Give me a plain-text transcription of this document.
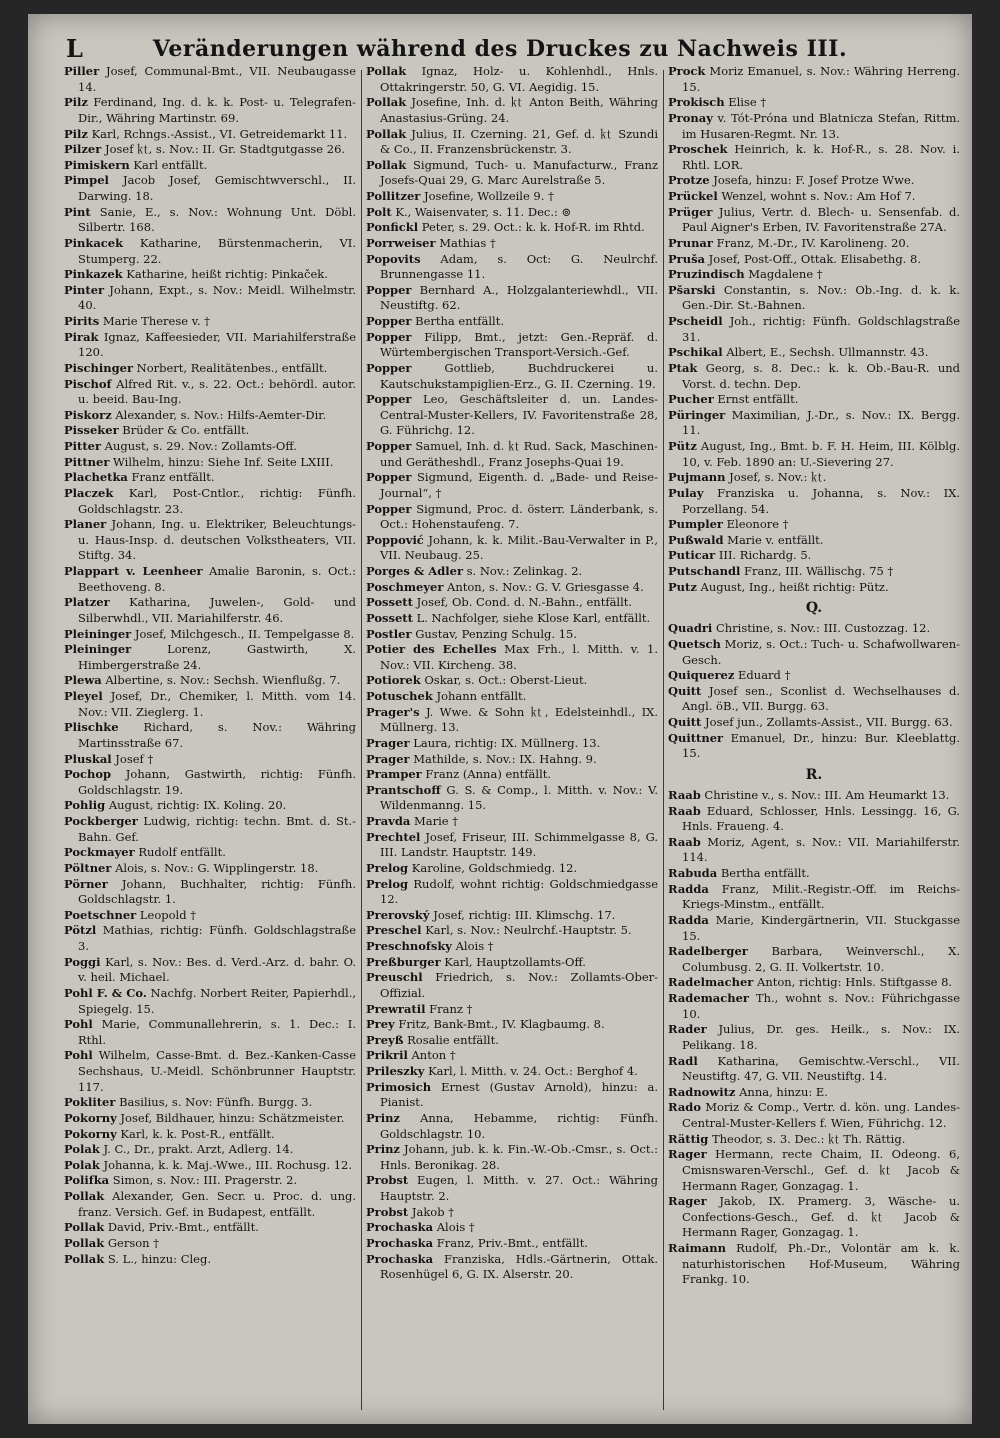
L	Veränderungen während des Druckes zu Nachweis III.

Piller Josef, Communal-Bmt., VII. Neubaugasse 14.

Pilz Ferdinand, Ing. d. k. k. Post- u. Telegrafen-Dir., Währing Martinstr. 69.

Pilz Karl, Rchngs.-Assist., VI. Getreidemarkt 11.

Pilzer Josef ㏏, s. Nov.: II. Gr. Stadtgutgasse 26.

Pimiskern Karl entfällt.

Pimpel Jacob Josef, Gemischtwverschl., II. Darwing. 18.

Pint Sanie, E., s. Nov.: Wohnung Unt. Döbl. Silbertr. 168.

Pinkacek Katharine, Bürstenmacherin, VI. Stumperg. 22.

Pinkazek Katharine, heißt richtig: Pinkaček.

Pinter Johann, Expt., s. Nov.: Meidl. Wilhelmstr. 40.

Pirits Marie Therese v. †

Pirak Ignaz, Kaffeesieder, VII. Mariahilferstraße 120.

Pischinger Norbert, Realitätenbes., entfällt.

Pischof Alfred Rit. v., s. 22. Oct.: behördl. autor. u. beeid. Bau-Ing.

Piskorz Alexander, s. Nov.: Hilfs-Aemter-Dir.

Pisseker Brüder & Co. entfällt.

Pitter August, s. 29. Nov.: Zollamts-Off.

Pittner Wilhelm, hinzu: Siehe Inf. Seite LXIII.

Plachetka Franz entfällt.

Placzek Karl, Post-Cntlor., richtig: Fünfh. Goldschlagstr. 23.

Planer Johann, Ing. u. Elektriker, Beleuchtungs- u. Haus-Insp. d. deutschen Volkstheaters, VII. Stiftg. 34.

Plappart v. Leenheer Amalie Baronin, s. Oct.: Beethoveng. 8.

Platzer Katharina, Juwelen-, Gold- und Silberwhdl., VII. Mariahilferstr. 46.

Pleininger Josef, Milchgesch., II. Tempelgasse 8.

Pleininger	Lorenz, Gastwirth, X. Himbergerstraße 24.

Plewa Albertine, s. Nov.: Sechsh. Wienflußg. 7.

Pleyel Josef, Dr., Chemiker, l. Mitth. vom 14. Nov.: VII. Zieglerg. 1.

Plischke Richard, s. Nov.: Währing Martinsstraße 67.

Pluskal Josef †

Pochop Johann, Gastwirth, richtig: Fünfh. Goldschlagstr. 19.

Pohlig August, richtig: IX. Koling. 20.

Pockberger Ludwig, richtig: techn. Bmt. d. St.-Bahn. Gef.

Pockmayer Rudolf entfällt.

Pöltner Alois, s. Nov.: G. Wipplingerstr. 18.

Pörner Johann, Buchhalter, richtig: Fünfh. Goldschlagstr. 1.

Poetschner Leopold †

Pötzl Mathias, richtig: Fünfh. Goldschlagstraße 3.

Poggi Karl, s. Nov.: Bes. d. Verd.-Arz. d. bahr. O. v. heil. Michael.

Pohl F. & Co. Nachfg. Norbert Reiter, Papierhdl., Spiegelg. 15.

Pohl Marie, Communallehrerin, s. 1. Dec.: I. Rthl.

Pohl Wilhelm, Casse-Bmt. d. Bez.-Kanken-Casse Sechshaus, U.-Meidl. Schönbrunner Hauptstr. 117.

Pokliter Basilius, s. Nov: Fünfh. Burgg. 3.

Pokorny Josef, Bildhauer, hinzu: Schätzmeister.

Pokorny Karl, k. k. Post-R., entfällt.

Polak J. C., Dr., prakt. Arzt, Adlerg. 14.

Polak Johanna, k. k. Maj.-Wwe., III. Rochusg. 12.

Polifka Simon, s. Nov.: III. Pragerstr. 2.

Pollak Alexander, Gen. Secr. u. Proc. d. ung. franz. Versich. Gef. in Budapest, entfällt.

Pollak David, Priv.-Bmt., entfällt.

Pollak Gerson †

Pollak S. L., hinzu: Cleg.

Pollak Ignaz, Holz- u. Kohlenhdl., Hnls. Ottakringerstr. 50, G. VI. Aegidig. 15.

Pollak Josefine, Inh. d. ㏏ Anton Beith, Währing Anastasius-Grüng. 24.

Pollak Julius, II. Czerning. 21, Gef. d. ㏏ Szundi & Co., II. Franzensbrückenstr. 3.

Pollak Sigmund, Tuch- u. Manufacturw., Franz Josefs-Quai 29, G. Marc Aurelstraße 5.

Pollitzer Josefine, Wollzeile 9. †

Polt K., Waisenvater, s. 11. Dec.: ⊚

Ponfickl Peter, s. 29. Oct.: k. k. Hof-R. im Rhtd.

Porrweiser Mathias †

Popovits Adam, s. Oct: G. Neulrchf. Brunnengasse 11.

Popper Bernhard A., Holzgalanteriewhdl., VII. Neustiftg. 62.

Popper Bertha entfällt.

Popper Filipp, Bmt., jetzt: Gen.-Repräf. d. Würtembergischen Transport-Versich.-Gef.

Popper	Gottlieb, Buchdruckerei u. Kautschukstampiglien-Erz., G. II. Czerning. 19.

Popper Leo, Geschäftsleiter d. un. Landes-Central-Muster-Kellers, IV. Favoritenstraße 28, G. Führichg. 12.

Popper Samuel, Inh. d. ㏏ Rud. Sack, Maschinen- und Gerätheshdl., Franz Josephs-Quai 19.

Popper Sigmund, Eigenth. d. „Bade- und Reise-Journal“, †

Popper Sigmund, Proc. d. österr. Länderbank, s. Oct.: Hohenstaufeng. 7.

Poppović Johann, k. k. Milit.-Bau-Verwalter in P., VII. Neubaug. 25.

Porges & Adler s. Nov.: Zelinkag. 2.

Poschmeyer Anton, s. Nov.: G. V. Griesgasse 4.

Possett Josef, Ob. Cond. d. N.-Bahn., entfällt.

Possett L. Nachfolger, siehe Klose Karl, entfällt.

Postler Gustav, Penzing Schulg. 15.

Potier des Echelles Max Frh., l. Mitth. v. 1. Nov.: VII. Kircheng. 38.

Potiorek Oskar, s. Oct.: Oberst-Lieut.

Potuschek Johann entfällt.

Prager's J. Wwe. & Sohn ㏏, Edelsteinhdl., IX. Müllnerg. 13.

Prager Laura, richtig: IX. Müllnerg. 13.

Prager Mathilde, s. Nov.: IX. Hahng. 9.

Pramper Franz (Anna) entfällt.

Prantschoff G. S. & Comp., l. Mitth. v. Nov.: V. Wildenmanng. 15.

Pravda Marie †

Prechtel Josef, Friseur, III. Schimmelgasse 8, G. III. Landstr. Hauptstr. 149.

Prelog Karoline, Goldschmiedg. 12.

Prelog Rudolf, wohnt richtig: Goldschmiedgasse 12.

Prerovský Josef, richtig: III. Klimschg. 17.

Preschel Karl, s. Nov.: Neulrchf.-Hauptstr. 5.

Preschnofsky Alois †

Preßburger Karl, Hauptzollamts-Off.

Preuschl Friedrich, s. Nov.: Zollamts-Ober-Offizial.

Prewratil Franz †

Prey Fritz, Bank-Bmt., IV. Klagbaumg. 8.

Preyß Rosalie entfällt.

Prikril Anton †

Prileszky Karl, l. Mitth. v. 24. Oct.: Berghof 4.

Primosich Ernest (Gustav Arnold), hinzu: a. Pianist.

Prinz Anna, Hebamme, richtig: Fünfh. Goldschlagstr. 10.

Prinz Johann, jub. k. k. Fin.-W.-Ob.-Cmsr., s. Oct.: Hnls. Beronikag. 28.

Probst Eugen, l. Mitth. v. 27. Oct.: Währing Hauptstr. 2.

Probst Jakob †

Prochaska Alois †

Prochaska Franz, Priv.-Bmt., entfällt.

Prochaska Franziska, Hdls.-Gärtnerin, Ottak. Rosenhügel 6, G. IX. Alserstr. 20.

Prock Moriz Emanuel, s. Nov.: Währing Herreng. 15.

Prokisch Elise †

Pronay v. Tót-Próna und Blatnicza Stefan, Rittm. im Husaren-Regmt. Nr. 13.

Proschek Heinrich, k. k. Hof-R., s. 28. Nov. i. Rhtl. LOR.

Protze Josefa, hinzu: F. Josef Protze Wwe.

Prückel Wenzel, wohnt s. Nov.: Am Hof 7.

Prüger Julius, Vertr. d. Blech- u. Sensenfab. d. Paul Aigner's Erben, IV. Favoritenstraße 27A.

Prunar Franz, M.-Dr., IV. Karolineng. 20.

Pruša Josef, Post-Off., Ottak. Elisabethg. 8.

Pruzindisch Magdalene †

Pšarski Constantin, s. Nov.: Ob.-Ing. d. k. k. Gen.-Dir. St.-Bahnen.

Pscheidl Joh., richtig: Fünfh. Goldschlagstraße 31.

Pschikal Albert, E., Sechsh. Ullmannstr. 43.

Ptak Georg, s. 8. Dec.: k. k. Ob.-Bau-R. und Vorst. d. techn. Dep.

Pucher Ernst entfällt.

Püringer Maximilian, J.-Dr., s. Nov.: IX. Bergg. 11.

Pütz August, Ing., Bmt. b. F. H. Heim, III. Kölblg. 10, v. Feb. 1890 an: U.-Sievering 27.

Pujmann Josef, s. Nov.: ㏏.

Pulay Franziska u. Johanna, s. Nov.: IX. Porzellang. 54.

Pumpler Eleonore †

Pußwald Marie v. entfällt.

Puticar III. Richardg. 5.

Putschandl Franz, III. Wällischg. 75 †

Putz August, Ing., heißt richtig: Pütz.

Q.

Quadri Christine, s. Nov.: III. Custozzag. 12.

Quetsch Moriz, s. Oct.: Tuch- u. Schafwollwaren-Gesch.

Quiquerez Eduard †

Quitt Josef sen., Sconlist d. Wechselhauses d. Angl. öB., VII. Burgg. 63.

Quitt Josef jun., Zollamts-Assist., VII. Burgg. 63.

Quittner Emanuel, Dr., hinzu: Bur. Kleeblattg. 15.

R.

Raab Christine v., s. Nov.: III. Am Heumarkt 13.

Raab Eduard, Schlosser, Hnls. Lessingg. 16, G. Hnls. Fraueng. 4.

Raab Moriz, Agent, s. Nov.: VII. Mariahilferstr. 114.

Rabuda Bertha entfällt.

Radda Franz, Milit.-Registr.-Off. im Reichs-Kriegs-Minstm., entfällt.

Radda Marie, Kindergärtnerin, VII. Stuckgasse 15.

Radelberger Barbara, Weinverschl., X. Columbusg. 2, G. II. Volkertstr. 10.

Radelmacher Anton, richtig: Hnls. Stiftgasse 8.

Rademacher Th., wohnt s. Nov.: Führichgasse 10.

Rader Julius, Dr. ges. Heilk., s. Nov.: IX. Pelikang. 18.

Radl Katharina, Gemischtw.-Verschl., VII. Neustiftg. 47, G. VII. Neustiftg. 14.

Radnowitz Anna, hinzu: E.

Rado Moriz & Comp., Vertr. d. kön. ung. Landes-Central-Muster-Kellers f. Wien, Führichg. 12.

Rättig Theodor, s. 3. Dec.: ㏏ Th. Rättig.

Rager Hermann, recte Chaim, II. Odeong. 6, Cmisnswaren-Verschl., Gef. d. ㏏ Jacob & Hermann Rager, Gonzagag. 1.

Rager Jakob, IX. Pramerg. 3, Wäsche- u. Confections-Gesch., Gef. d. ㏏ Jacob & Hermann Rager, Gonzagag. 1.

Raimann Rudolf, Ph.-Dr., Volontär am k. k. naturhistorischen Hof-Museum, Währing Frankg. 10.
